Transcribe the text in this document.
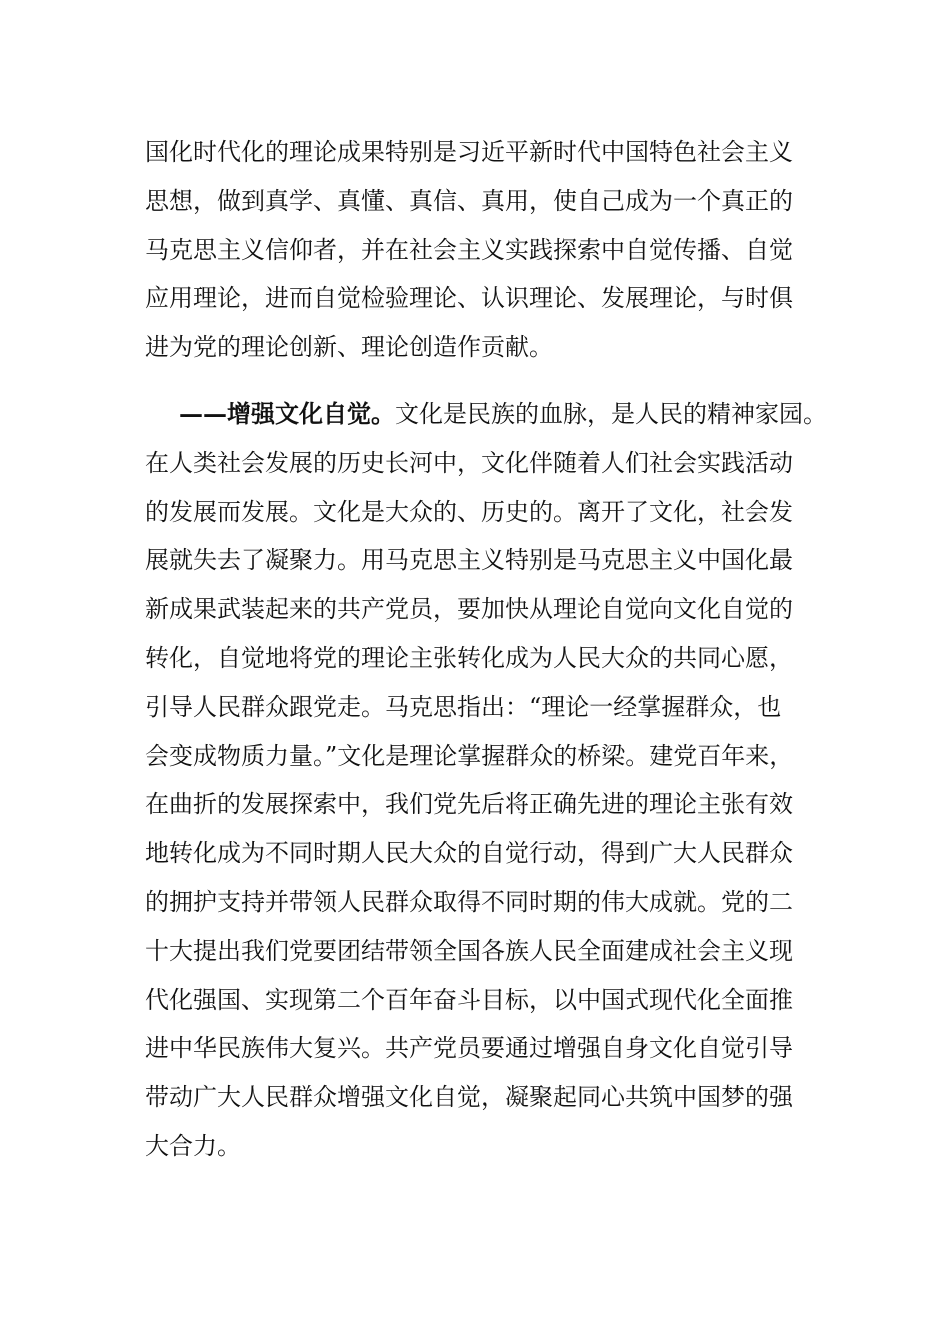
国化时代化的理论成果特别是习近平新时代中国特色社会主义
思想，做到真学、真懂、真信、真用，使自己成为一个真正的
马克思主义信仰者，并在社会主义实践探索中自觉传播、自觉
应用理论，进而自觉检验理论、认识理论、发展理论，与时俱
进为党的理论创新、理论创造作贡献。
——增强文化自觉。文化是民族的血脉，是人民的精神家园。
在人类社会发展的历史长河中，文化伴随着人们社会实践活动
的发展而发展。文化是大众的、历史的。离开了文化，社会发
展就失去了凝聚力。用马克思主义特别是马克思主义中国化最
新成果武装起来的共产党员，要加快从理论自觉向文化自觉的
转化，自觉地将党的理论主张转化成为人民大众的共同心愿，
引导人民群众跟党走。马克思指出：“理论一经掌握群众，也
会变成物质力量。”文化是理论掌握群众的桥梁。建党百年来，
在曲折的发展探索中，我们党先后将正确先进的理论主张有效
地转化成为不同时期人民大众的自觉行动，得到广大人民群众
的拥护支持并带领人民群众取得不同时期的伟大成就。党的二
十大提出我们党要团结带领全国各族人民全面建成社会主义现
代化强国、实现第二个百年奋斗目标，以中国式现代化全面推
进中华民族伟大复兴。共产党员要通过增强自身文化自觉引导
带动广大人民群众增强文化自觉，凝聚起同心共筑中国梦的强
大合力。
